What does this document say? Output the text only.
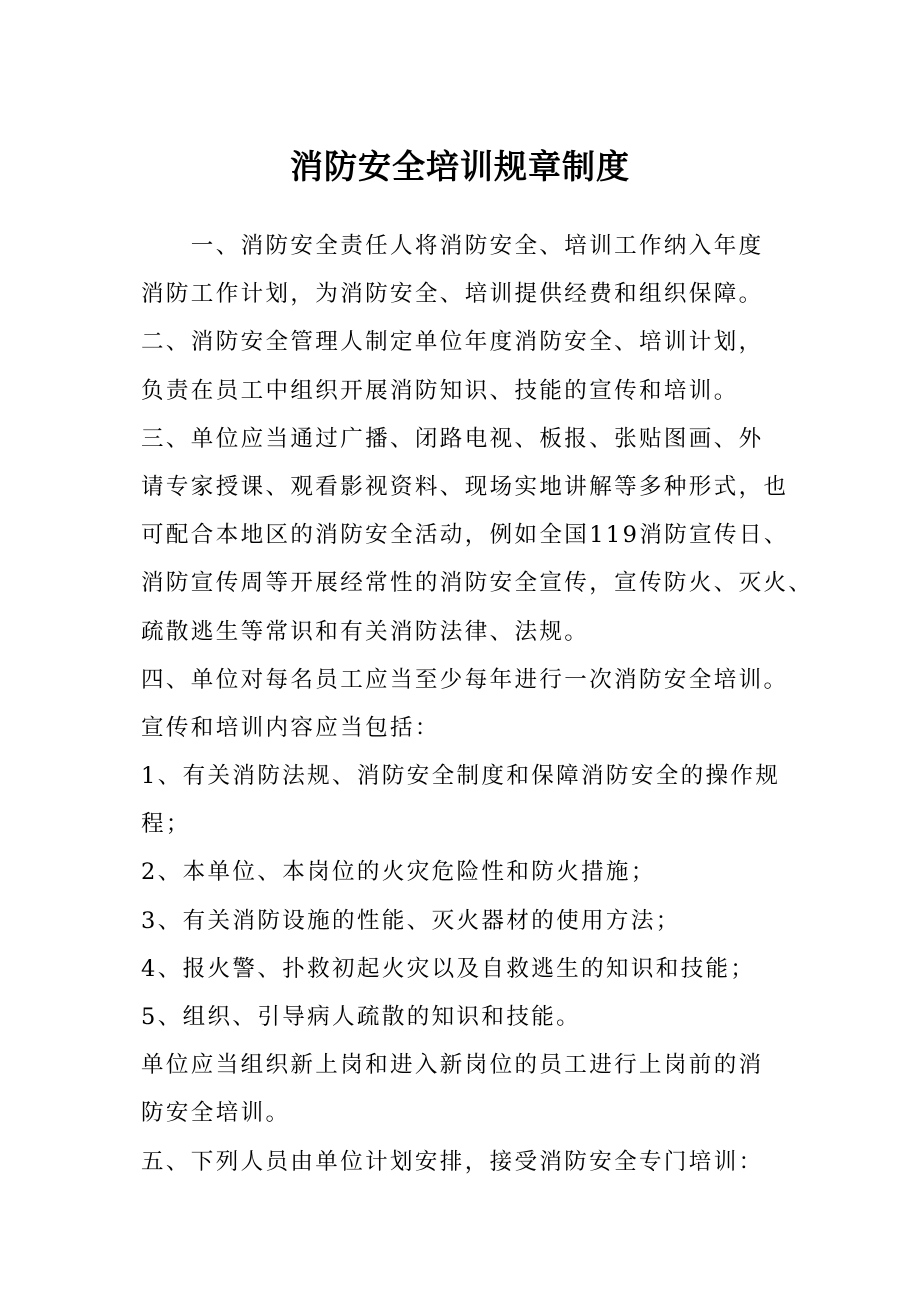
消防安全培训规章制度
　　一、消防安全责任人将消防安全、培训工作纳入年度
消防工作计划，为消防安全、培训提供经费和组织保障。
二、消防安全管理人制定单位年度消防安全、培训计划，
负责在员工中组织开展消防知识、技能的宣传和培训。
三、单位应当通过广播、闭路电视、板报、张贴图画、外
请专家授课、观看影视资料、现场实地讲解等多种形式，也
可配合本地区的消防安全活动，例如全国119消防宣传日、
消防宣传周等开展经常性的消防安全宣传，宣传防火、灭火、
疏散逃生等常识和有关消防法律、法规。
四、单位对每名员工应当至少每年进行一次消防安全培训。
宣传和培训内容应当包括：
1、有关消防法规、消防安全制度和保障消防安全的操作规
程；
2、本单位、本岗位的火灾危险性和防火措施；
3、有关消防设施的性能、灭火器材的使用方法；
4、报火警、扑救初起火灾以及自救逃生的知识和技能；
5、组织、引导病人疏散的知识和技能。
单位应当组织新上岗和进入新岗位的员工进行上岗前的消
防安全培训。
五、下列人员由单位计划安排，接受消防安全专门培训：
